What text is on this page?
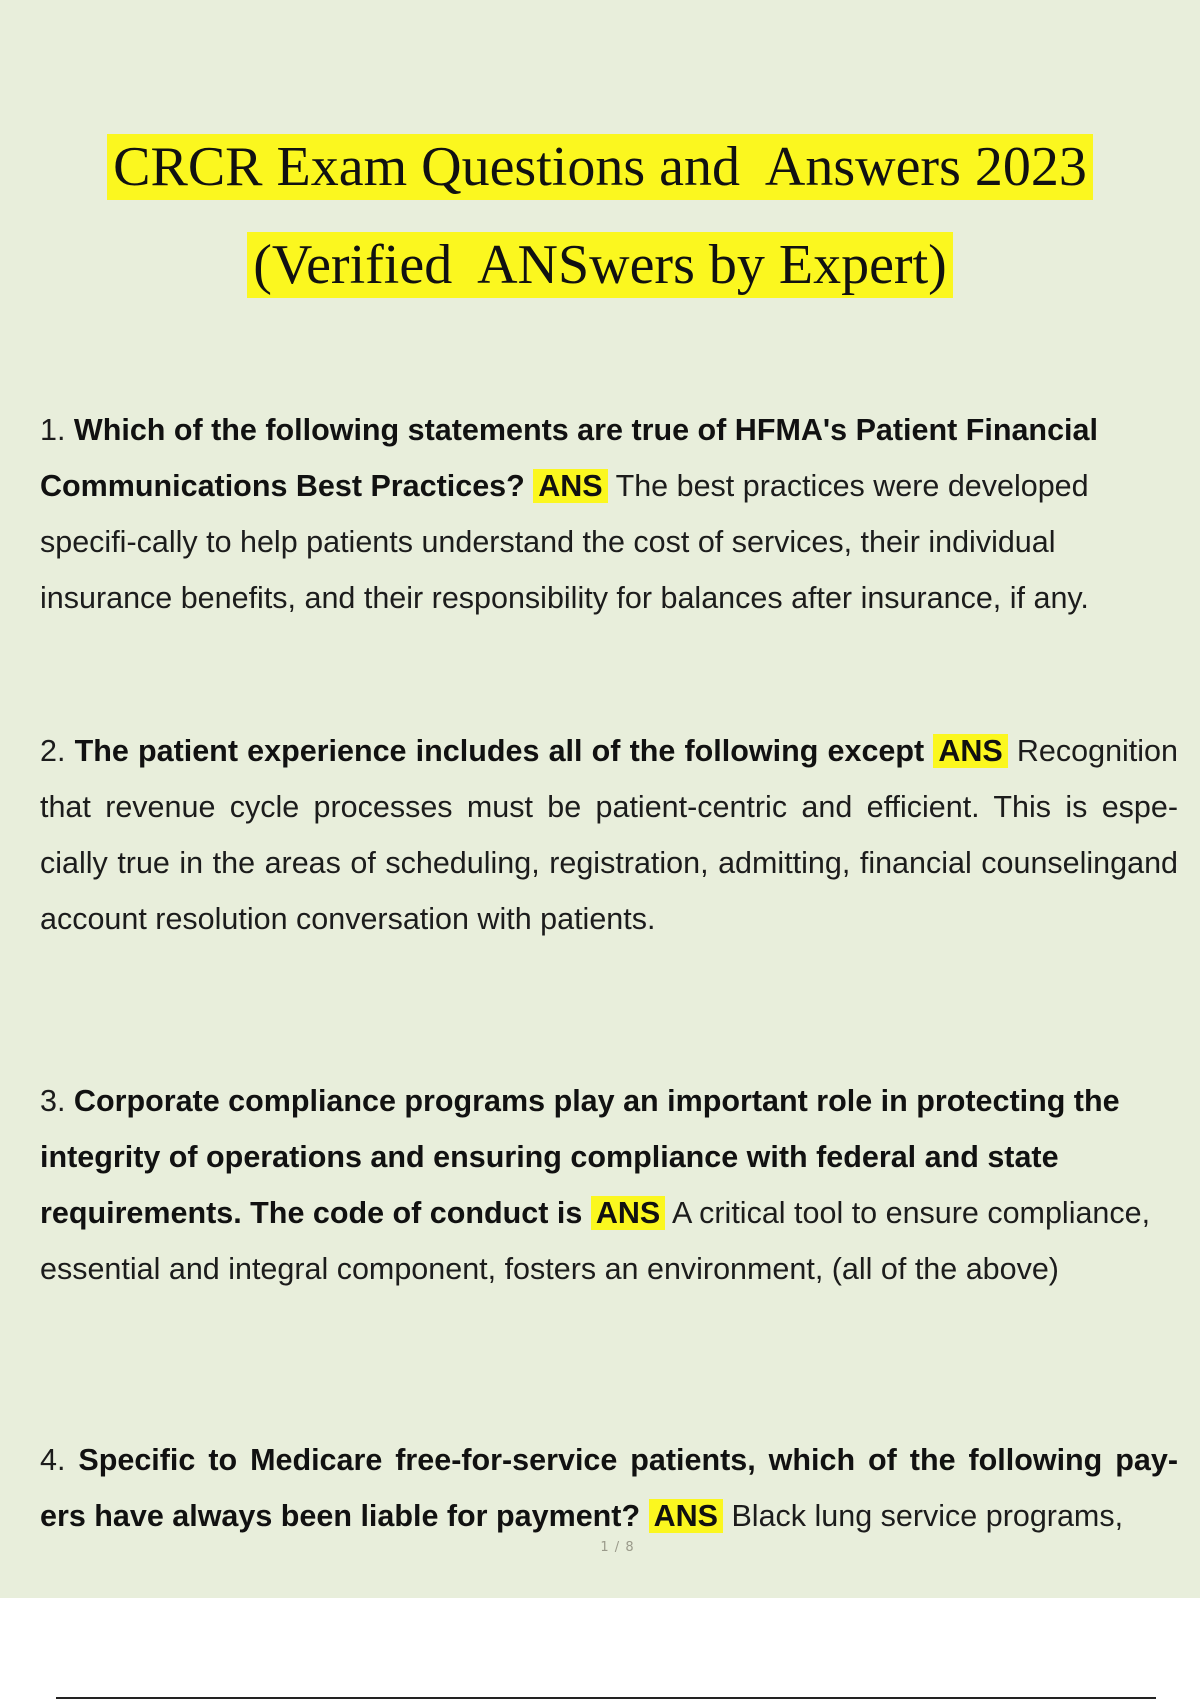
CRCR Exam Questions and  Answers 2023
(Verified  ANSwers by Expert)

1. Which of the following statements are true of HFMA's Patient Financial Communications Best Practices? ANS The best practices were developed specifi-cally to help patients understand the cost of services, their individual insurance benefits, and their responsibility for balances after insurance, if any.

2. The patient experience includes all of the following except ANS Recognition that revenue cycle processes must be patient-centric and efficient. This is espe- cially true in the areas of scheduling, registration, admitting, financial counselingand account resolution conversation with patients.

3. Corporate compliance programs play an important role in protecting the integrity of operations and ensuring compliance with federal and state requirements. The code of conduct is ANS A critical tool to ensure compliance, essential and integral component, fosters an environment, (all of the above)

4. Specific to Medicare free-for-service patients, which of the following pay- ers have always been liable for payment? ANS Black lung service programs,

1 / 8
